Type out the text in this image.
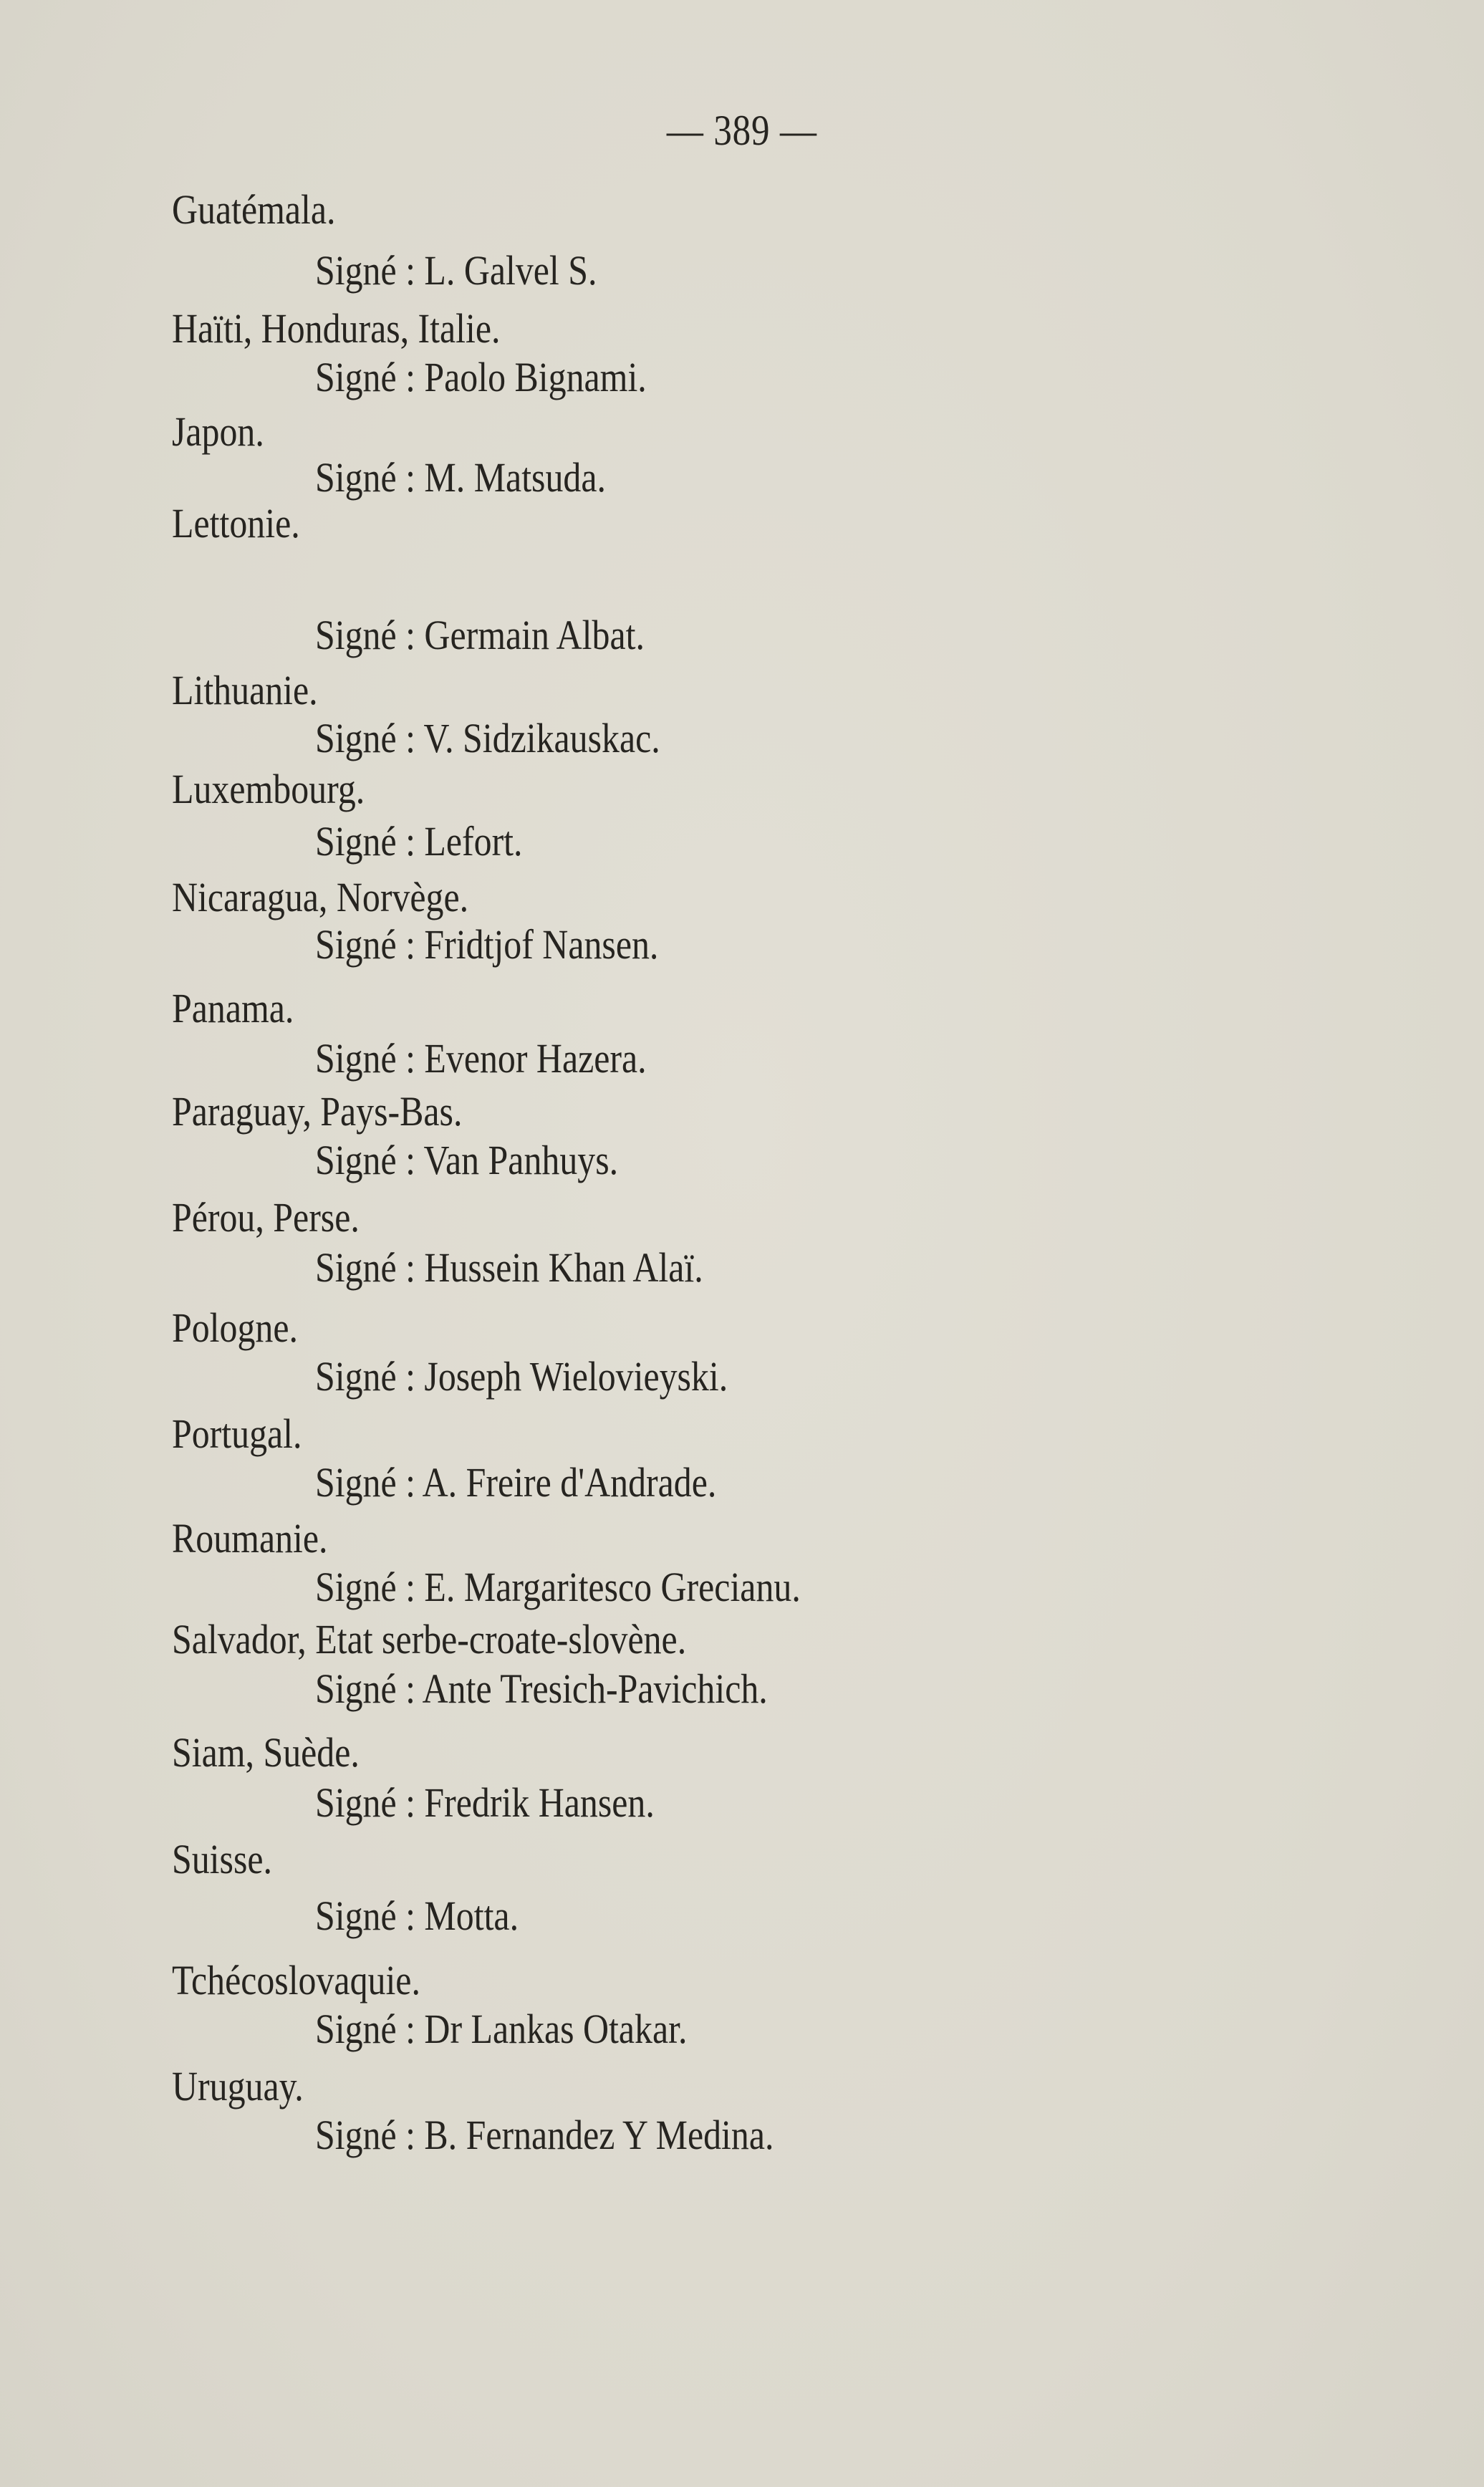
— 389 —
Guatémala.
Signé : L. Galvel S.
Haïti, Honduras, Italie.
Signé : Paolo Bignami.
Japon.
Signé : M. Matsuda.
Lettonie.
Signé : Germain Albat.
Lithuanie.
Signé : V. Sidzikauskac.
Luxembourg.
Signé : Lefort.
Nicaragua, Norvège.
Signé : Fridtjof Nansen.
Panama.
Signé : Evenor Hazera.
Paraguay, Pays-Bas.
Signé : Van Panhuys.
Pérou, Perse.
Signé : Hussein Khan Alaï.
Pologne.
Signé : Joseph Wielovieyski.
Portugal.
Signé : A. Freire d'Andrade.
Roumanie.
Signé : E. Margaritesco Grecianu.
Salvador, Etat serbe-croate-slovène.
Signé : Ante Tresich-Pavichich.
Siam, Suède.
Signé : Fredrik Hansen.
Suisse.
Signé : Motta.
Tchécoslovaquie.
Signé : Dr Lankas Otakar.
Uruguay.
Signé : B. Fernandez Y Medina.
